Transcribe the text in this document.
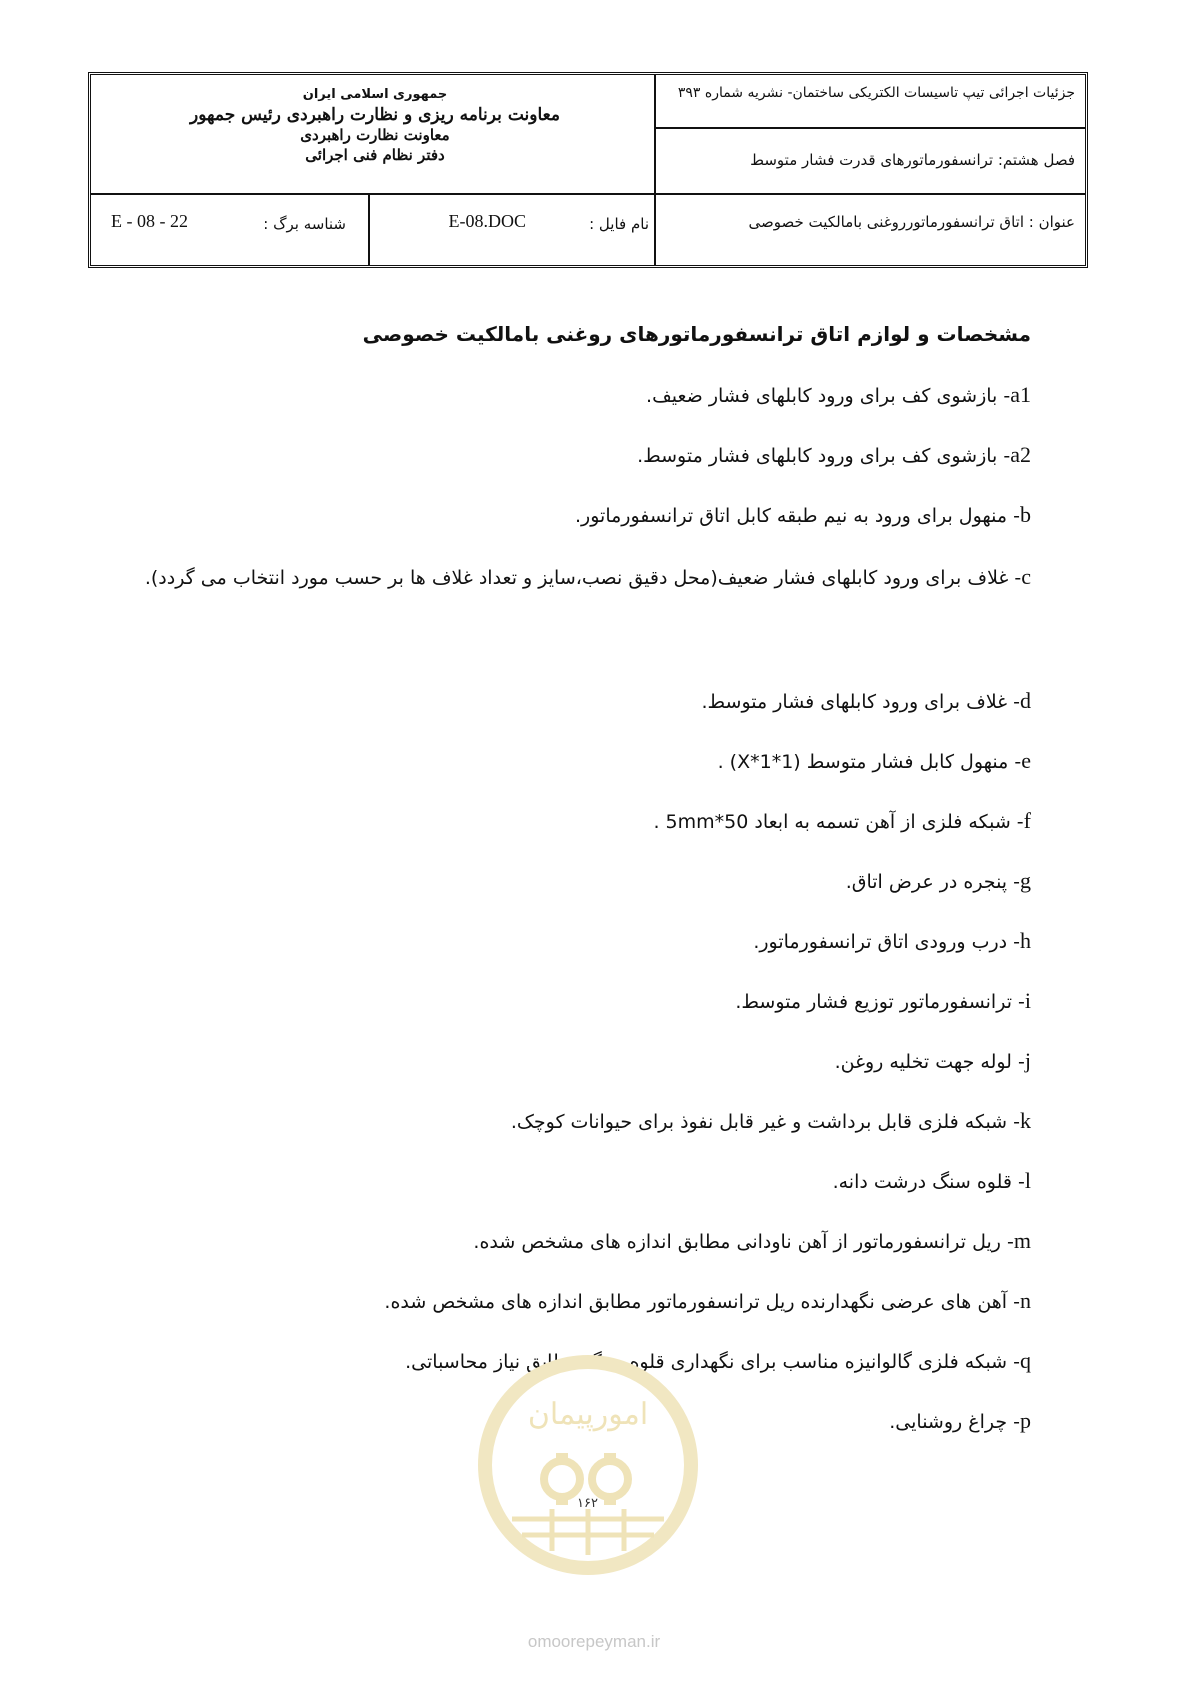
جزئیات اجرائی تیپ تاسیسات الکتریکی ساختمان- نشریه شماره ۳۹۳
فصل هشتم: ترانسفورماتورهای قدرت فشار متوسط
عنوان : اتاق ترانسفورماتورروغنی بامالکیت خصوصی
جمهوری اسلامی ایران
معاونت برنامه ریزی و نظارت راهبردی رئیس جمهور
معاونت نظارت راهبردی
دفتر نظام فنی اجرائی
نام فایل :
E-08.DOC
شناسه برگ :
E - 08 - 22
مشخصات و لوازم اتاق ترانسفورماتورهای روغنی بامالکیت خصوصی
a1- بازشوی کف برای ورود کابلهای فشار ضعیف.
a2- بازشوی کف برای ورود کابلهای فشار متوسط.
b- منهول برای ورود به نیم طبقه کابل اتاق ترانسفورماتور.
c- غلاف برای ورود کابلهای فشار ضعیف(محل دقیق نصب،سایز و تعداد غلاف ها بر حسب مورد انتخاب می گردد).
d- غلاف برای ورود کابلهای فشار متوسط.
e- منهول کابل فشار متوسط (1*1*X) .
f- شبکه فلزی از آهن تسمه به ابعاد 50*5mm .
g- پنجره در عرض اتاق.
h- درب ورودی اتاق ترانسفورماتور.
i- ترانسفورماتور توزیع فشار متوسط.
j- لوله جهت تخلیه روغن.
k- شبکه فلزی قابل برداشت و غیر قابل نفوذ برای حیوانات کوچک.
l- قلوه سنگ درشت دانه.
m- ریل ترانسفورماتور از آهن ناودانی مطابق اندازه های مشخص شده.
n- آهن های عرضی نگهدارنده ریل ترانسفورماتور مطابق اندازه های مشخص شده.
q- شبکه فلزی گالوانیزه مناسب برای نگهداری قلوه سنگ مطابق نیاز محاسباتی.
p- چراغ روشنایی.
امورپیمان
۱۶۲
omoorepeyman.ir
